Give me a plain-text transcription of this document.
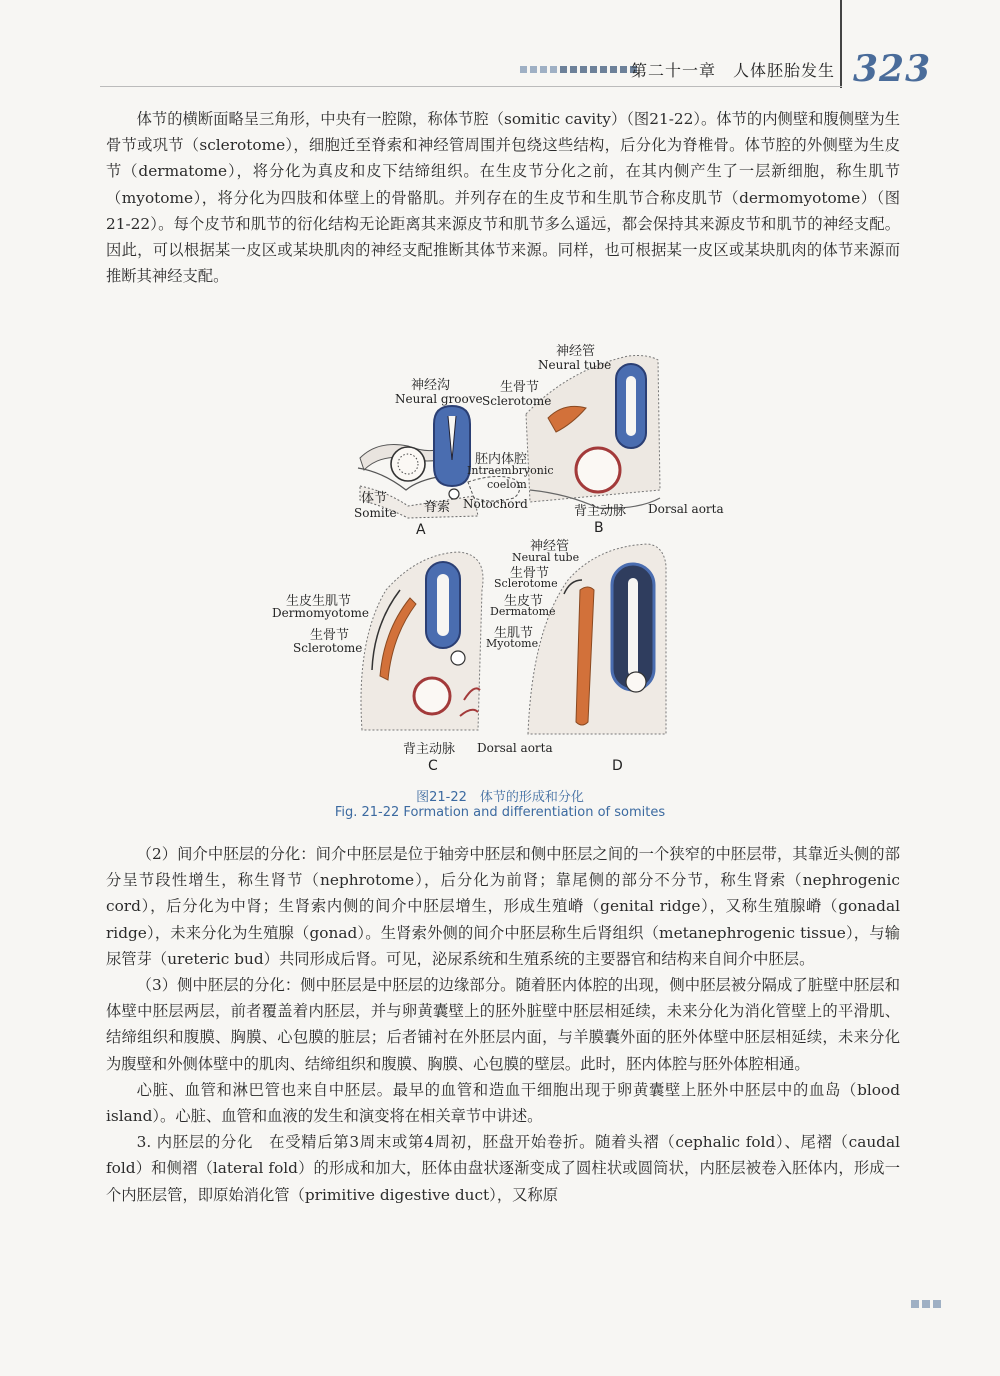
第二十一章　人体胚胎发生 323

体节的横断面略呈三角形，中央有一腔隙，称体节腔（somitic cavity）（图21-22）。体节的内侧壁和腹侧壁为生骨节或巩节（sclerotome），细胞迁至脊索和神经管周围并包绕这些结构，后分化为脊椎骨。体节腔的外侧壁为生皮节（dermatome），将分化为真皮和皮下结缔组织。在生皮节分化之前，在其内侧产生了一层新细胞，称生肌节（myotome），将分化为四肢和体壁上的骨骼肌。并列存在的生皮节和生肌节合称皮肌节（dermomyotome）（图21-22）。每个皮节和肌节的衍化结构无论距离其来源皮节和肌节多么遥远，都会保持其来源皮节和肌节的神经支配。因此，可以根据某一皮区或某块肌肉的神经支配推断其体节来源。同样，也可根据某一皮区或某块肌肉的体节来源而推断其神经支配。

神经沟
Neural groove
胚内体腔
Intraembryonic
coelom
体节
Somite 脊索 Notochord
A
神经管
Neural tube
生骨节
Sclerotome
背主动脉 Dorsal aorta
B
生皮生肌节
Dermomyotome
生骨节
Sclerotome
背主动脉 Dorsal aorta
C
神经管
Neural tube
生骨节
Sclerotome
生皮节
Dermatome
生肌节
Myotome
D
图21-22　体节的形成和分化
Fig. 21-22 Formation and differentiation of somites

（2）间介中胚层的分化：间介中胚层是位于轴旁中胚层和侧中胚层之间的一个狭窄的中胚层带，其靠近头侧的部分呈节段性增生，称生肾节（nephrotome），后分化为前肾；靠尾侧的部分不分节，称生肾索（nephrogenic cord），后分化为中肾；生肾索内侧的间介中胚层增生，形成生殖嵴（genital ridge），又称生殖腺嵴（gonadal ridge），未来分化为生殖腺（gonad）。生肾索外侧的间介中胚层称生后肾组织（metanephrogenic tissue），与输尿管芽（ureteric bud）共同形成后肾。可见，泌尿系统和生殖系统的主要器官和结构来自间介中胚层。

（3）侧中胚层的分化：侧中胚层是中胚层的边缘部分。随着胚内体腔的出现，侧中胚层被分隔成了脏壁中胚层和体壁中胚层两层，前者覆盖着内胚层，并与卵黄囊壁上的胚外脏壁中胚层相延续，未来分化为消化管壁上的平滑肌、结缔组织和腹膜、胸膜、心包膜的脏层；后者铺衬在外胚层内面，与羊膜囊外面的胚外体壁中胚层相延续，未来分化为腹壁和外侧体壁中的肌肉、结缔组织和腹膜、胸膜、心包膜的壁层。此时，胚内体腔与胚外体腔相通。

心脏、血管和淋巴管也来自中胚层。最早的血管和造血干细胞出现于卵黄囊壁上胚外中胚层中的血岛（blood island）。心脏、血管和血液的发生和演变将在相关章节中讲述。

3. 内胚层的分化　在受精后第3周末或第4周初，胚盘开始卷折。随着头褶（cephalic fold）、尾褶（caudal fold）和侧褶（lateral fold）的形成和加大，胚体由盘状逐渐变成了圆柱状或圆筒状，内胚层被卷入胚体内，形成一个内胚层管，即原始消化管（primitive digestive duct），又称原
